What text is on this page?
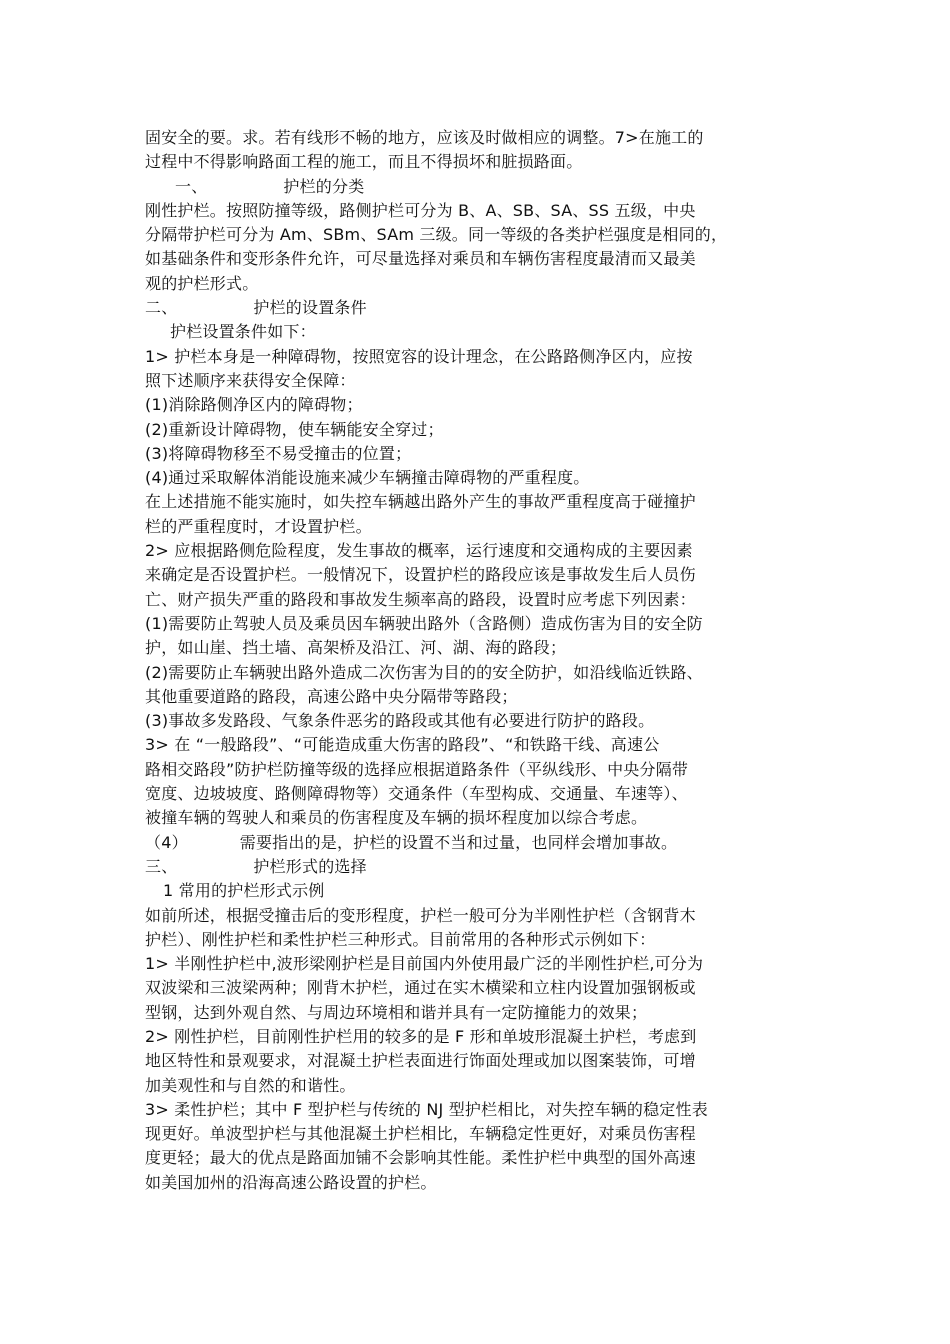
固安全的要。求。若有线形不畅的地方，应该及时做相应的调整。7>在施工的
过程中不得影响路面工程的施工，而且不得损坏和脏损路面。
一、	护栏的分类
刚性护栏。按照防撞等级，路侧护栏可分为 B、A、SB、SA、SS 五级，中央
分隔带护栏可分为 Am、SBm、SAm 三级。同一等级的各类护栏强度是相同的，
如基础条件和变形条件允许，可尽量选择对乘员和车辆伤害程度最清而又最美
观的护栏形式。
二、	护栏的设置条件
护栏设置条件如下：
1> 护栏本身是一种障碍物，按照宽容的设计理念，在公路路侧净区内，应按
照下述顺序来获得安全保障：
(1)消除路侧净区内的障碍物；
(2)重新设计障碍物，使车辆能安全穿过；
(3)将障碍物移至不易受撞击的位置；
(4)通过采取解体消能设施来减少车辆撞击障碍物的严重程度。
在上述措施不能实施时，如失控车辆越出路外产生的事故严重程度高于碰撞护
栏的严重程度时，才设置护栏。
2> 应根据路侧危险程度，发生事故的概率，运行速度和交通构成的主要因素
来确定是否设置护栏。一般情况下，设置护栏的路段应该是事故发生后人员伤
亡、财产损失严重的路段和事故发生频率高的路段，设置时应考虑下列因素：
(1)需要防止驾驶人员及乘员因车辆驶出路外（含路侧）造成伤害为目的安全防
护，如山崖、挡土墙、高架桥及沿江、河、湖、海的路段；
(2)需要防止车辆驶出路外造成二次伤害为目的的安全防护，如沿线临近铁路、
其他重要道路的路段，高速公路中央分隔带等路段；
(3)事故多发路段、气象条件恶劣的路段或其他有必要进行防护的路段。
3> 在 “一般路段”、“可能造成重大伤害的路段”、“和铁路干线、高速公
路相交路段”防护栏防撞等级的选择应根据道路条件（平纵线形、中央分隔带
宽度、边坡坡度、路侧障碍物等）交通条件（车型构成、交通量、车速等）、
被撞车辆的驾驶人和乘员的伤害程度及车辆的损坏程度加以综合考虑。
（4）	需要指出的是，护栏的设置不当和过量，也同样会增加事故。
三、	护栏形式的选择
1 常用的护栏形式示例
如前所述，根据受撞击后的变形程度，护栏一般可分为半刚性护栏（含钢背木
护栏）、刚性护栏和柔性护栏三种形式。目前常用的各种形式示例如下：
1> 半刚性护栏中,波形梁刚护栏是目前国内外使用最广泛的半刚性护栏,可分为
双波梁和三波梁两种；刚背木护栏，通过在实木横梁和立柱内设置加强钢板或
型钢，达到外观自然、与周边环境相和谐并具有一定防撞能力的效果；
2> 刚性护栏，目前刚性护栏用的较多的是 F 形和单坡形混凝土护栏，考虑到
地区特性和景观要求，对混凝土护栏表面进行饰面处理或加以图案装饰，可增
加美观性和与自然的和谐性。
3> 柔性护栏；其中 F 型护栏与传统的 NJ 型护栏相比，对失控车辆的稳定性表
现更好。单波型护栏与其他混凝土护栏相比，车辆稳定性更好，对乘员伤害程
度更轻；最大的优点是路面加铺不会影响其性能。柔性护栏中典型的国外高速
如美国加州的沿海高速公路设置的护栏。
